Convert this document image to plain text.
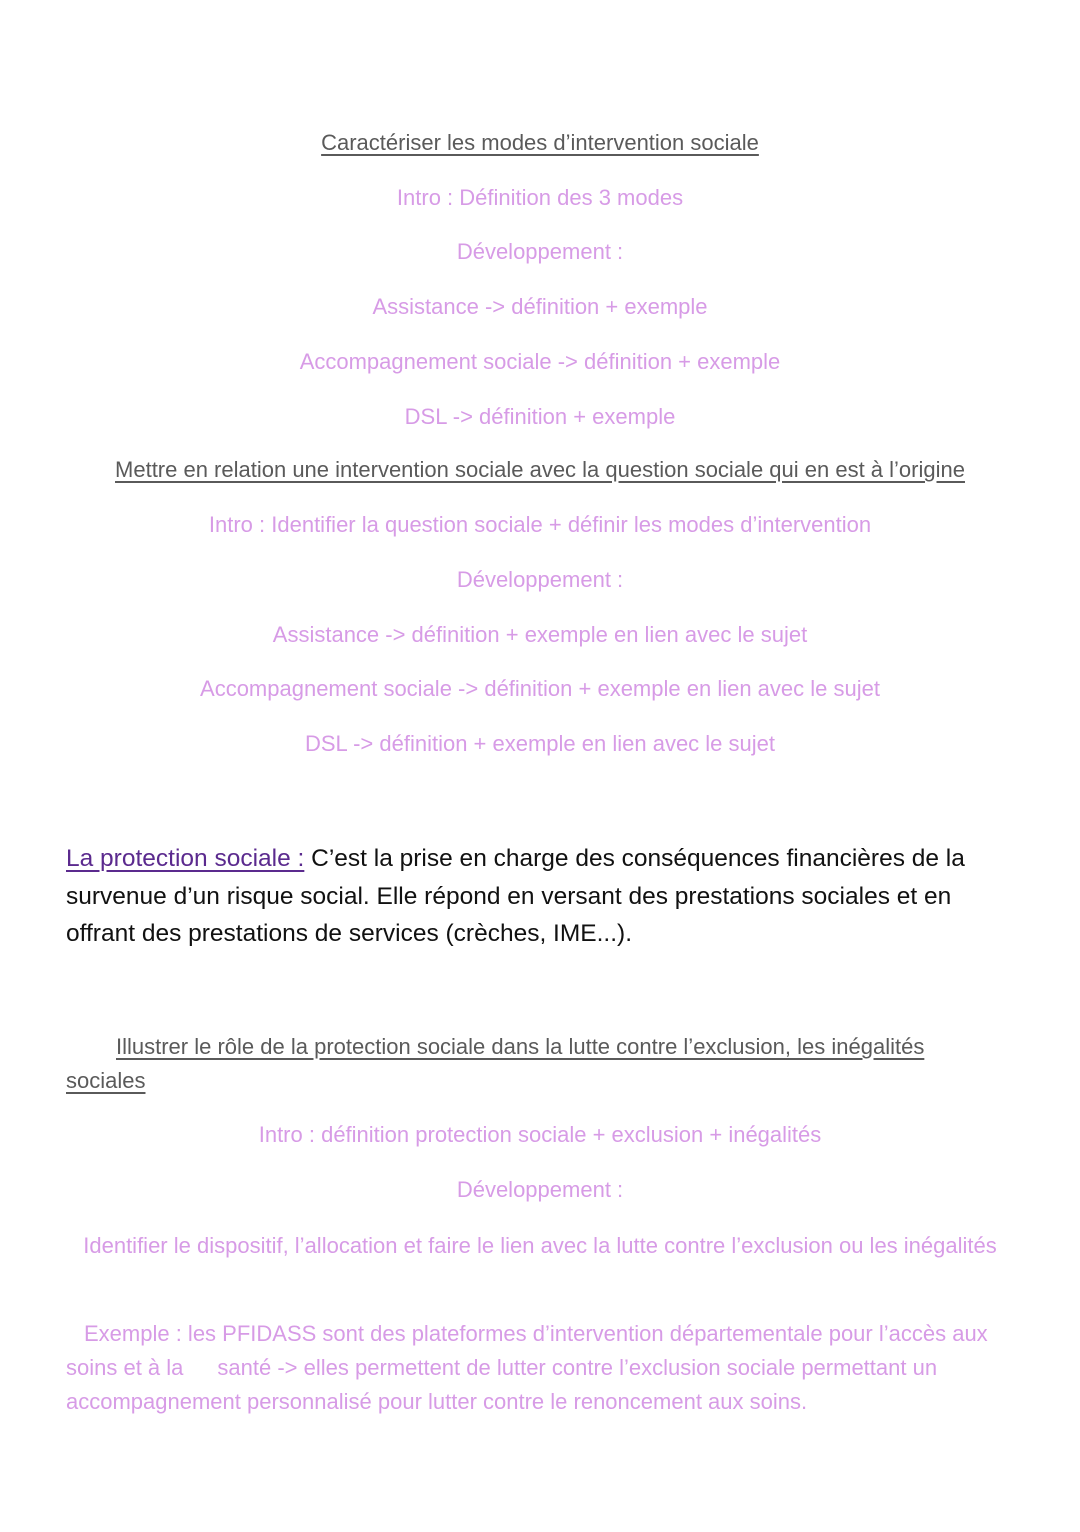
Caractériser les modes d’intervention sociale
Intro : Définition des 3 modes
Développement :
Assistance -> définition + exemple
Accompagnement sociale -> définition + exemple
DSL -> définition + exemple
Mettre en relation une intervention sociale avec la question sociale qui en est à l’origine
Intro : Identifier la question sociale + définir les modes d’intervention
Développement :
Assistance -> définition + exemple en lien avec le sujet
Accompagnement sociale -> définition + exemple en lien avec le sujet
DSL -> définition + exemple en lien avec le sujet
La protection sociale : C’est la prise en charge des conséquences financières de la survenue d’un risque social. Elle répond en versant des prestations sociales et en offrant des prestations de services (crèches, IME...).
Illustrer le rôle de la protection sociale dans la lutte contre l’exclusion, les inégalités
sociales
Intro : définition protection sociale + exclusion + inégalités
Développement :
Identifier le dispositif, l’allocation et faire le lien avec la lutte contre l’exclusion ou les inégalités
Exemple : les PFIDASS sont des plateformes d’intervention départementale pour l’accès aux soins et à la santé -> elles permettent de lutter contre l’exclusion sociale permettant un accompagnement personnalisé pour lutter contre le renoncement aux soins.
